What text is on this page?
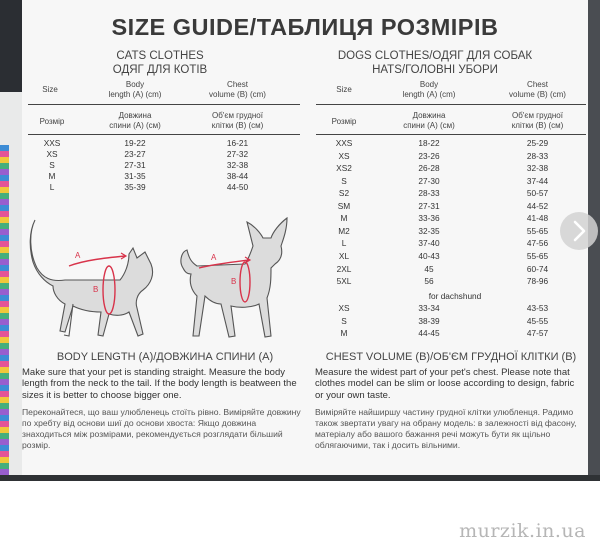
SIZE GUIDE/ТАБЛИЦЯ РОЗМІРІВ
CATS CLOTHES
ОДЯГ ДЛЯ КОТІВ
Size
Body
length (A) (cm)
Chest
volume (B) (cm)
Розмір
Довжина
спини (А) (см)
Об'єм грудної
клітки (В) (см)
XXS	19-22	16-21
XS	23-27	27-32
S	27-31	32-38
M	31-35	38-44
L	35-39	44-50
DOGS CLOTHES/ОДЯГ ДЛЯ СОБАК
HATS/ГОЛОВНІ УБОРИ
Size
Body
length (A) (cm)
Chest
volume (B) (cm)
Розмір
Довжина
спини (А) (см)
Об'єм грудної
клітки (В) (см)
XXS	18-22	25-29
XS	23-26	28-33
XS2	26-28	32-38
S	27-30	37-44
S2	28-33	50-57
SM	27-31	44-52
M	33-36	41-48
M2	32-35	55-65
L	37-40	47-56
XL	40-43	55-65
2XL	45	60-74
5XL	56	78-96
for dachshund
XS	33-34	43-53
S	38-39	45-55
M	44-45	47-57
A
B
A
B
BODY LENGTH (A)/ДОВЖИНА СПИНИ (А)
Make sure that your pet is standing straight. Measure the body length from the neck to the tail. If the body length is beatween the sizes it is better to choose bigger one.
Переконайтеся, що ваш улюбленець стоїть рівно. Виміряйте довжину по хребту від основи шиї до основи хвоста: Якщо довжина знаходиться між розмірами, рекомендується розглядати більший розмір.
CHEST VOLUME (B)/ОБ'ЄМ ГРУДНОЇ КЛІТКИ (В)
Measure the widest part of your pet's chest. Please note that clothes model can be slim or loose according to design, fabric or your own taste.
Виміряйте найширшу частину грудної клітки улюбленця. Радимо також звертати увагу на обрану модель: в залежності від фасону, матеріалу або вашого бажання речі можуть бути як щільно облягаючими, так і досить вільними.
murzik.in.ua
